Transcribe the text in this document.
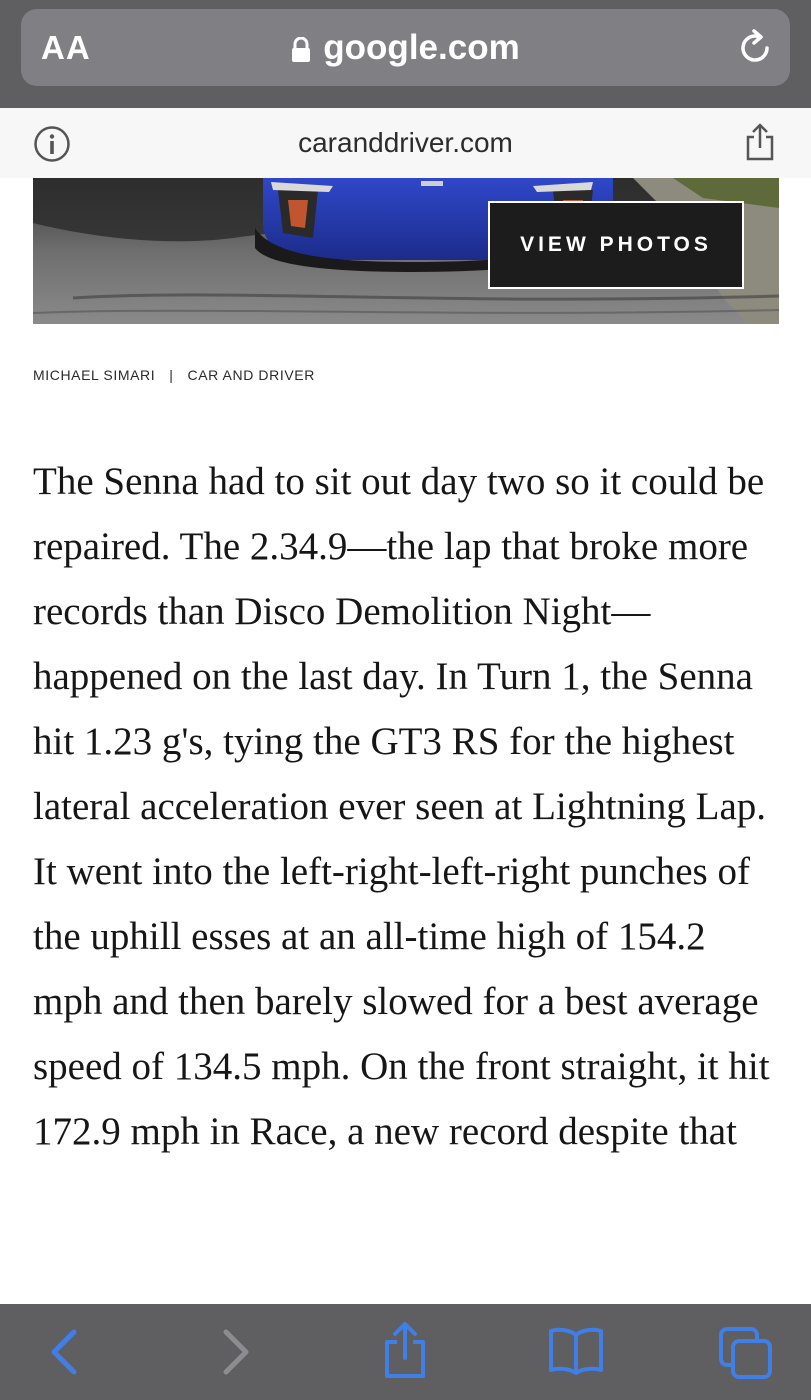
AA	google.com
caranddriver.com
VIEW PHOTOS
MICHAEL SIMARI | CAR AND DRIVER

The Senna had to sit out day two so it could be repaired. The 2.34.9—the lap that broke more records than Disco Demolition Night—happened on the last day. In Turn 1, the Senna hit 1.23 g's, tying the GT3 RS for the highest lateral acceleration ever seen at Lightning Lap. It went into the left-right-left-right punches of the uphill esses at an all-time high of 154.2 mph and then barely slowed for a best average speed of 134.5 mph. On the front straight, it hit 172.9 mph in Race, a new record despite that
